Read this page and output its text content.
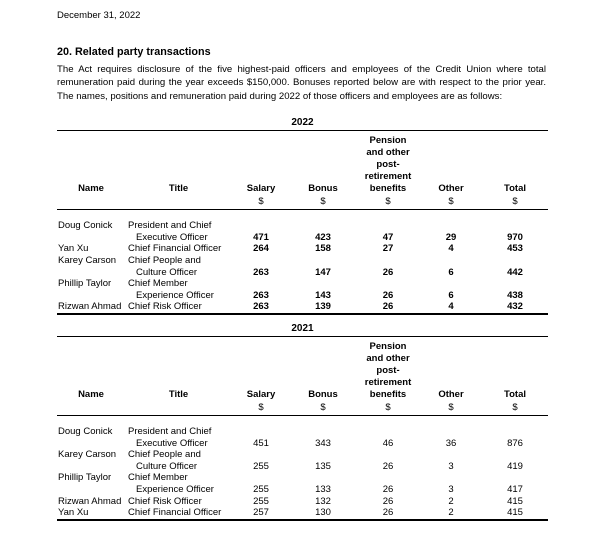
December 31, 2022
20. Related party transactions
The Act requires disclosure of the five highest-paid officers and employees of the Credit Union where total
remuneration paid during the year exceeds $150,000. Bonuses reported below are with respect to the prior year.
The names, positions and remuneration paid during 2022 of those officers and employees are as follows:
2022
Name	Title	Salary	Bonus	Pension
and other
post-
retirement
benefits	Other	Total
		$	$	$	$	$
Doug Conick	President and Chief					
	Executive Officer	471	423	47	29	970
Yan Xu	Chief Financial Officer	264	158	27	4	453
Karey Carson	Chief People and					
	Culture Officer	263	147	26	6	442
Phillip Taylor	Chief Member					
	Experience Officer	263	143	26	6	438
Rizwan Ahmad	Chief Risk Officer	263	139	26	4	432
2021
Name	Title	Salary	Bonus	Pension
and other
post-
retirement
benefits	Other	Total
		$	$	$	$	$
Doug Conick	President and Chief					
	Executive Officer	451	343	46	36	876
Karey Carson	Chief People and					
	Culture Officer	255	135	26	3	419
Phillip Taylor	Chief Member					
	Experience Officer	255	133	26	3	417
Rizwan Ahmad	Chief Risk Officer	255	132	26	2	415
Yan Xu	Chief Financial Officer	257	130	26	2	415
